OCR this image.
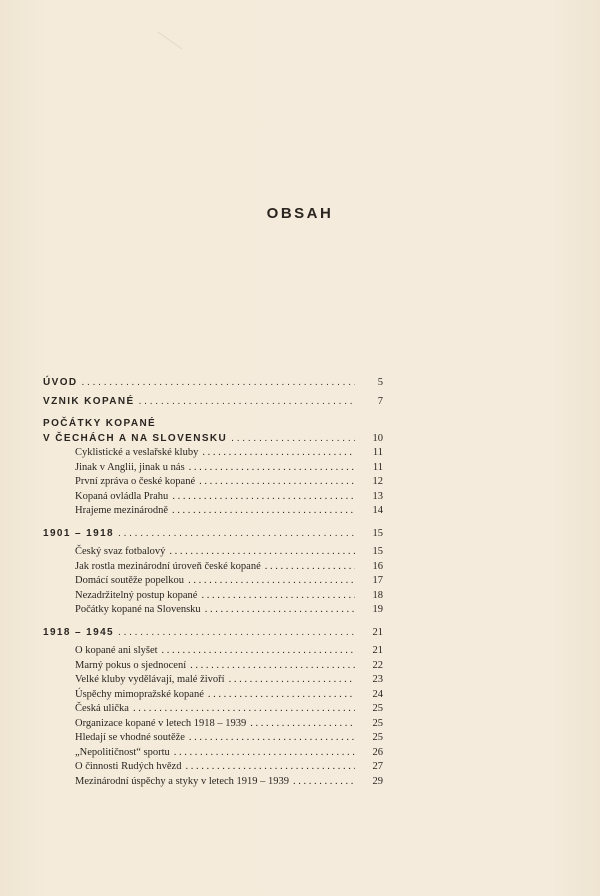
OBSAH
ÚVOD . . .	5
VZNIK KOPANÉ . . .	7
POČÁTKY KOPANÉ
V ČECHÁCH A NA SLOVENSKU . . .	10
Cyklistické a veslařské kluby . . .	11
Jinak v Anglii, jinak u nás . . .	11
První zpráva o české kopané . . .	12
Kopaná ovládla Prahu . . .	13
Hrajeme mezinárodně . . .	14
1901 – 1918 . . .	15
Český svaz fotbalový . . .	15
Jak rostla mezinárodní úroveň české kopané . . .	16
Domácí soutěže popelkou . . .	17
Nezadržitelný postup kopané . . .	18
Počátky kopané na Slovensku . . .	19
1918 – 1945 . . .	21
O kopané ani slyšet . . .	21
Marný pokus o sjednocení . . .	22
Velké kluby vydělávají, malé živoří . . .	23
Úspěchy mimopražské kopané . . .	24
Česká ulička . . .	25
Organizace kopané v letech 1918 – 1939 . . .	25
Hledají se vhodné soutěže . . .	25
„Nepolitičnost“ sportu . . .	26
O činnosti Rudých hvězd . . .	27
Mezinárodní úspěchy a styky v letech 1919 – 1939 . . .	29
